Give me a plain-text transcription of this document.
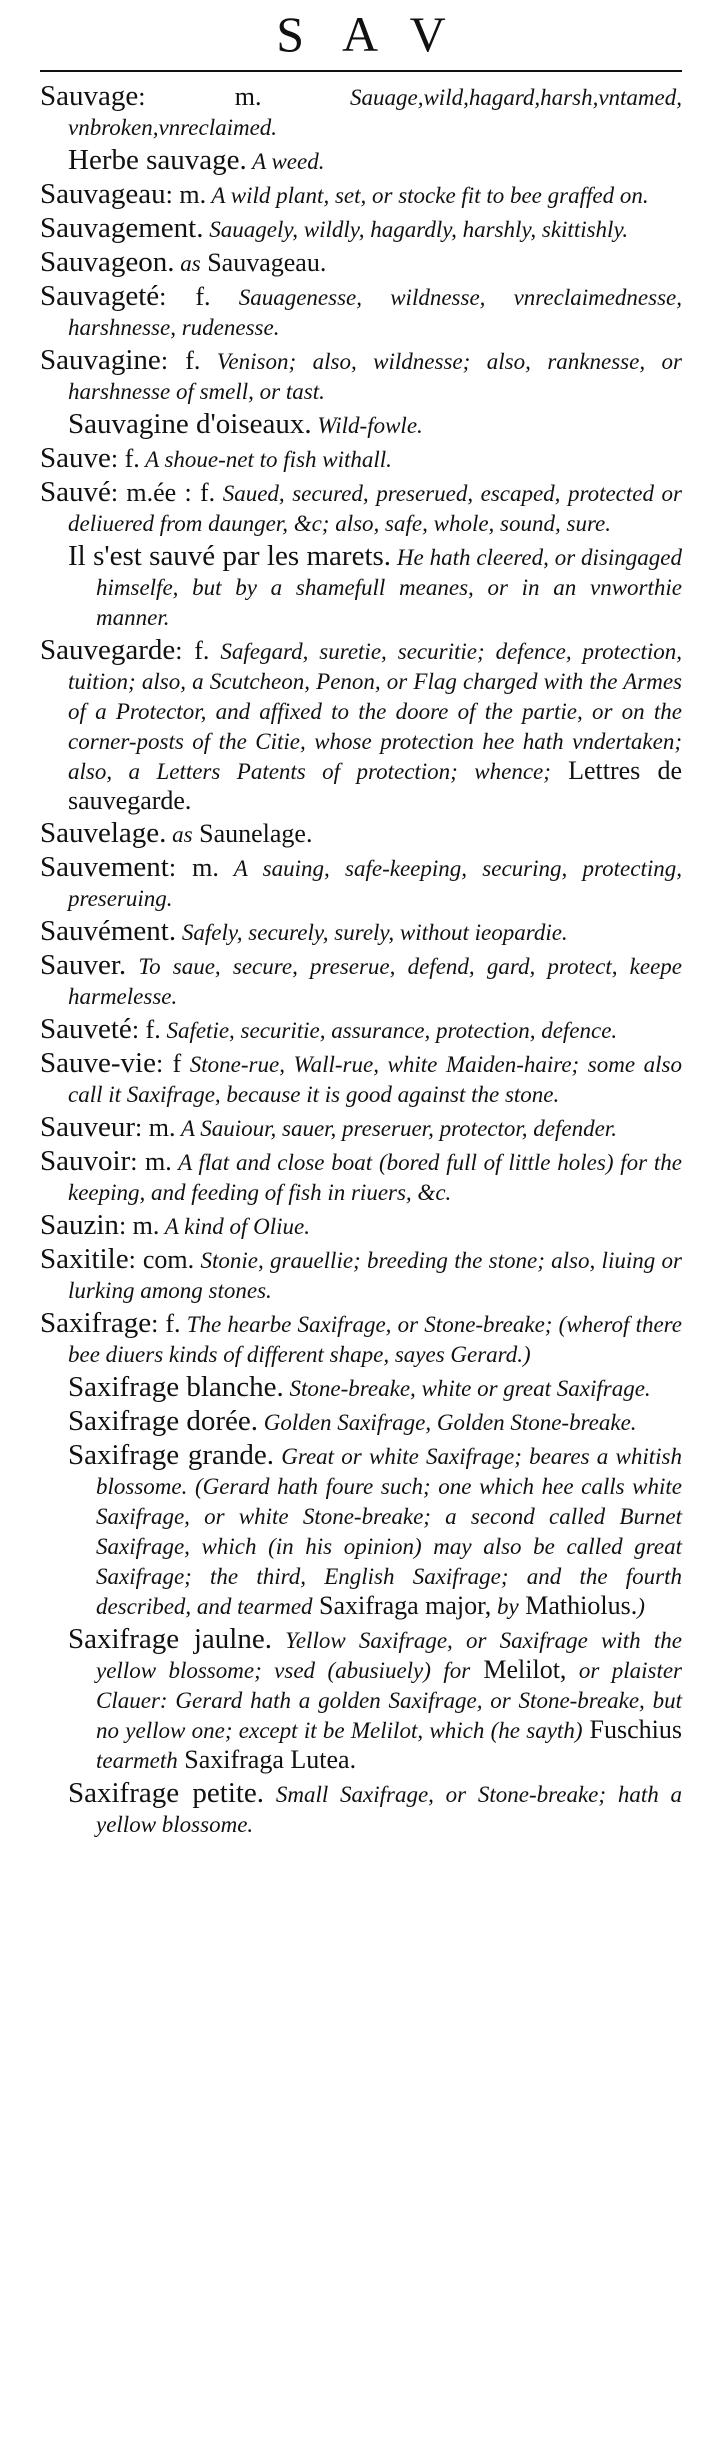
SAV

Sauvage: m. Sauage,wild,hagard,harsh,vntamed, vnbroken,vnreclaimed.

Herbe sauvage. A weed.

Sauvageau: m. A wild plant, set, or stocke fit to bee graffed on.

Sauvagement. Sauagely, wildly, hagardly, harshly, skittishly.

Sauvageon. as Sauvageau.

Sauvageté: f. Sauagenesse, wildnesse, vnreclaimednesse, harshnesse, rudenesse.

Sauvagine: f. Venison; also, wildnesse; also, ranknesse, or harshnesse of smell, or tast.

Sauvagine d'oiseaux. Wild-fowle.

Sauve: f. A shoue-net to fish withall.

Sauvé: m.ée : f. Saued, secured, preserued, escaped, protected or deliuered from daunger, &c; also, safe, whole, sound, sure.

Il s'est sauvé par les marets. He hath cleered, or disingaged himselfe, but by a shamefull meanes, or in an vnworthie manner.

Sauvegarde: f. Safegard, suretie, securitie; defence, protection, tuition; also, a Scutcheon, Penon, or Flag charged with the Armes of a Protector, and affixed to the doore of the partie, or on the corner-posts of the Citie, whose protection hee hath vndertaken; also, a Letters Patents of protection; whence; Lettres de sauvegarde.

Sauvelage. as Saunelage.

Sauvement: m. A sauing, safe-keeping, securing, protecting, preseruing.

Sauvément. Safely, securely, surely, without ieopardie.

Sauver. To saue, secure, preserue, defend, gard, protect, keepe harmelesse.

Sauveté: f. Safetie, securitie, assurance, protection, defence.

Sauve-vie: f Stone-rue, Wall-rue, white Maiden-haire; some also call it Saxifrage, because it is good against the stone.

Sauveur: m. A Sauiour, sauer, preseruer, protector, defender.

Sauvoir: m. A flat and close boat (bored full of little holes) for the keeping, and feeding of fish in riuers, &c.

Sauzin: m. A kind of Oliue.

Saxitile: com. Stonie, grauellie; breeding the stone; also, liuing or lurking among stones.

Saxifrage: f. The hearbe Saxifrage, or Stone-breake; (wherof there bee diuers kinds of different shape, sayes Gerard.)

Saxifrage blanche. Stone-breake, white or great Saxifrage.

Saxifrage dorée. Golden Saxifrage, Golden Stone-breake.

Saxifrage grande. Great or white Saxifrage; beares a whitish blossome. (Gerard hath foure such; one which hee calls white Saxifrage, or white Stone-breake; a second called Burnet Saxifrage, which (in his opinion) may also be called great Saxifrage; the third, English Saxifrage; and the fourth described, and tearmed Saxifraga major, by Mathiolus.)

Saxifrage jaulne. Yellow Saxifrage, or Saxifrage with the yellow blossome; vsed (abusiuely) for Melilot, or plaister Clauer: Gerard hath a golden Saxifrage, or Stone-breake, but no yellow one; except it be Melilot, which (he sayth) Fuschius tearmeth Saxifraga Lutea.

Saxifrage petite. Small Saxifrage, or Stone-breake; hath a yellow blossome.
